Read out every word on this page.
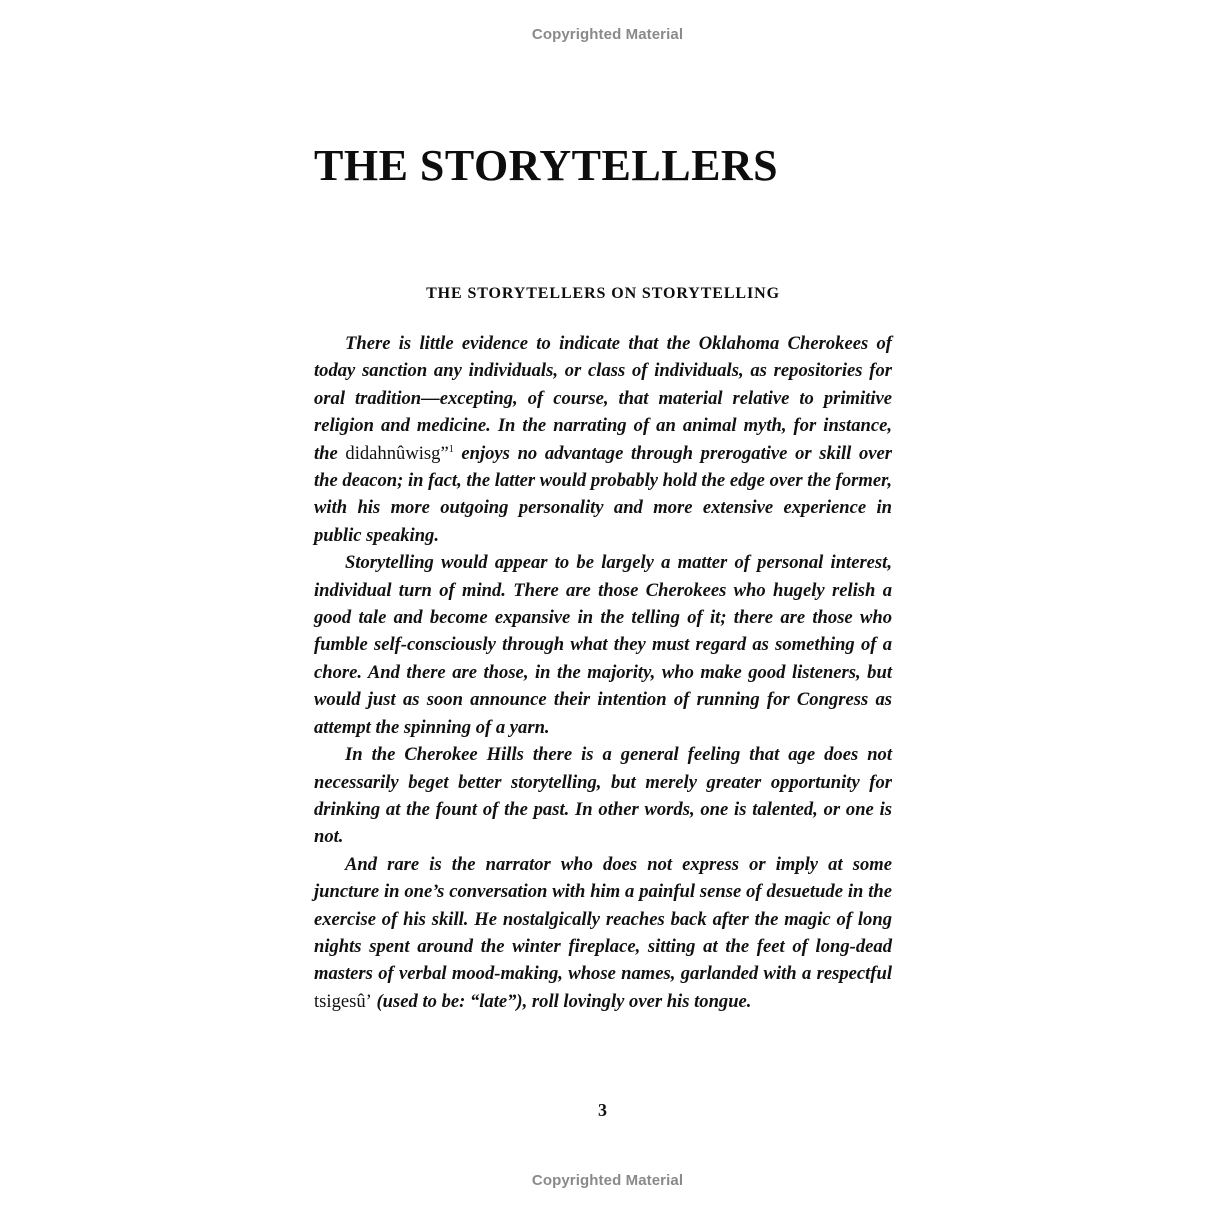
Copyrighted Material
THE STORYTELLERS
THE STORYTELLERS ON STORYTELLING

There is little evidence to indicate that the Oklahoma Cherokees of today sanction any individuals, or class of individuals, as repositories for oral tradition—excepting, of course, that material relative to primitive religion and medicine. In the narrating of an animal myth, for instance, the didahnûwisg”$^1$ enjoys no advantage through prerogative or skill over the deacon; in fact, the latter would probably hold the edge over the former, with his more outgoing personality and more extensive experience in public speaking.

Storytelling would appear to be largely a matter of personal interest, individual turn of mind. There are those Cherokees who hugely relish a good tale and become expansive in the telling of it; there are those who fumble self-consciously through what they must regard as something of a chore. And there are those, in the majority, who make good listeners, but would just as soon announce their intention of running for Congress as attempt the spinning of a yarn.

In the Cherokee Hills there is a general feeling that age does not necessarily beget better storytelling, but merely greater opportunity for drinking at the fount of the past. In other words, one is talented, or one is not.

And rare is the narrator who does not express or imply at some juncture in one’s conversation with him a painful sense of desuetude in the exercise of his skill. He nostalgically reaches back after the magic of long nights spent around the winter fireplace, sitting at the feet of long-dead masters of verbal mood-making, whose names, garlanded with a respectful tsigesû’ (used to be: “late”), roll lovingly over his tongue.

3
Copyrighted Material
